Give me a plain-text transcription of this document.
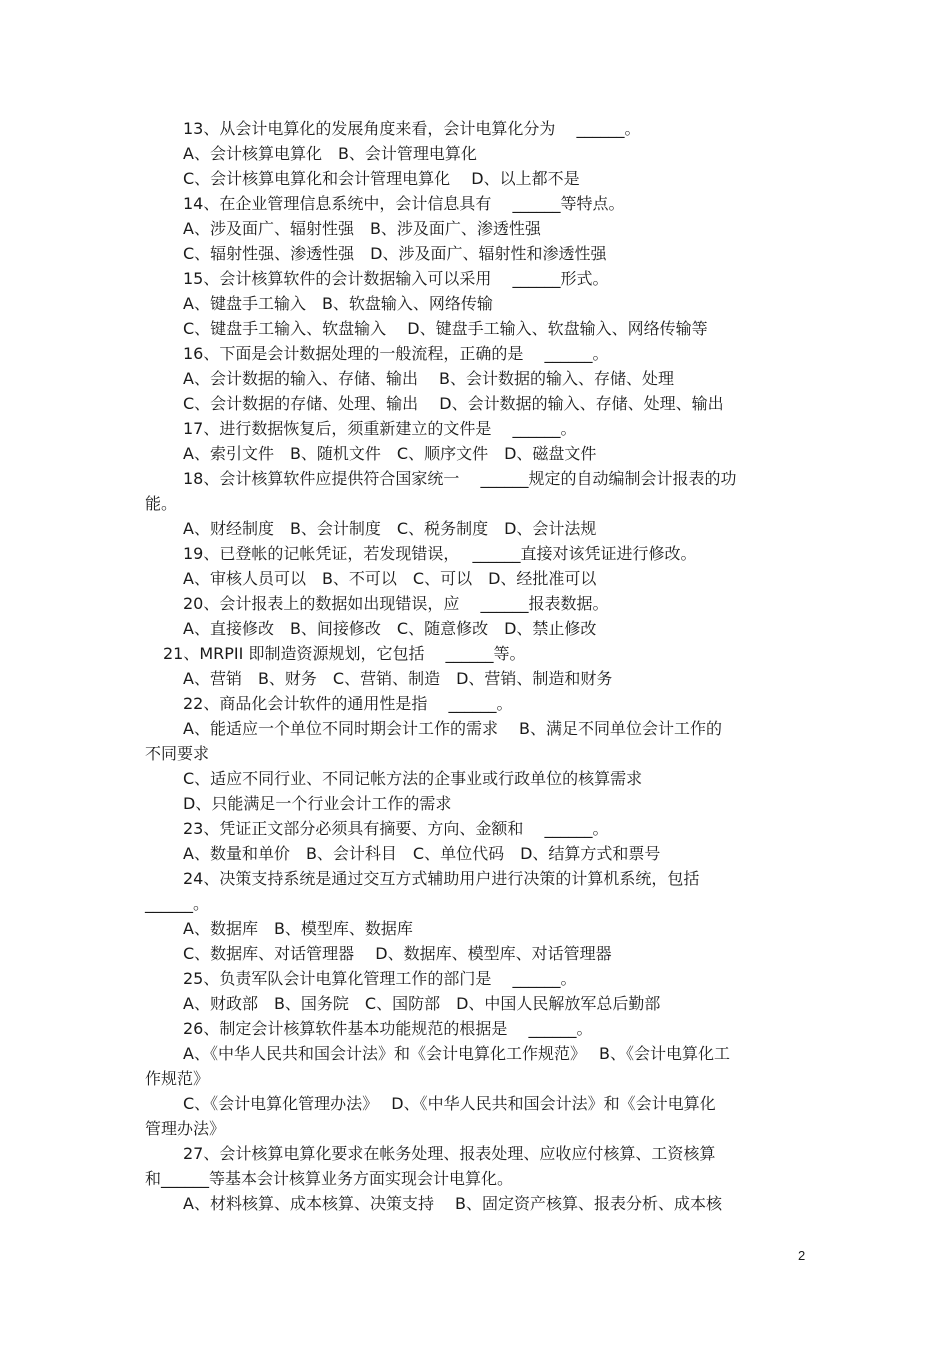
13、从会计电算化的发展角度来看，会计电算化分为　 ______。
A、会计核算电算化　B、会计管理电算化
C、会计核算电算化和会计管理电算化　 D、以上都不是
14、在企业管理信息系统中，会计信息具有　 ______等特点。
A、涉及面广、辐射性强　B、涉及面广、渗透性强
C、辐射性强、渗透性强　D、涉及面广、辐射性和渗透性强
15、会计核算软件的会计数据输入可以采用　 ______形式。
A、键盘手工输入　B、软盘输入、网络传输
C、键盘手工输入、软盘输入　 D、键盘手工输入、软盘输入、网络传输等
16、下面是会计数据处理的一般流程，正确的是　 ______。
A、会计数据的输入、存储、输出　 B、会计数据的输入、存储、处理
C、会计数据的存储、处理、输出　 D、会计数据的输入、存储、处理、输出
17、进行数据恢复后，须重新建立的文件是　 ______。
A、索引文件　B、随机文件　C、顺序文件　D、磁盘文件
18、会计核算软件应提供符合国家统一　 ______规定的自动编制会计报表的功
能。
A、财经制度　B、会计制度　C、税务制度　D、会计法规
19、已登帐的记帐凭证，若发现错误，　 ______直接对该凭证进行修改。
A、审核人员可以　B、不可以　C、可以　D、经批准可以
20、会计报表上的数据如出现错误，应　 ______报表数据。
A、直接修改　B、间接修改　C、随意修改　D、禁止修改
21、MRPII 即制造资源规划，它包括　 ______等。
A、营销　B、财务　C、营销、制造　D、营销、制造和财务
22、商品化会计软件的通用性是指　 ______。
A、能适应一个单位不同时期会计工作的需求　 B、满足不同单位会计工作的
不同要求
C、适应不同行业、不同记帐方法的企事业或行政单位的核算需求
D、只能满足一个行业会计工作的需求
23、凭证正文部分必须具有摘要、方向、金额和　 ______。
A、数量和单价　B、会计科目　C、单位代码　D、结算方式和票号
24、决策支持系统是通过交互方式辅助用户进行决策的计算机系统，包括
______。
A、数据库　B、模型库、数据库
C、数据库、对话管理器　 D、数据库、模型库、对话管理器
25、负责军队会计电算化管理工作的部门是　 ______。
A、财政部　B、国务院　C、国防部　D、中国人民解放军总后勤部
26、制定会计核算软件基本功能规范的根据是　 ______。
A、《中华人民共和国会计法》和《会计电算化工作规范》　 B、《会计电算化工
作规范》
C、《会计电算化管理办法》　 D、《中华人民共和国会计法》和《会计电算化
管理办法》
27、会计核算电算化要求在帐务处理、报表处理、应收应付核算、工资核算
和______等基本会计核算业务方面实现会计电算化。
A、材料核算、成本核算、决策支持　 B、固定资产核算、报表分析、成本核
2
